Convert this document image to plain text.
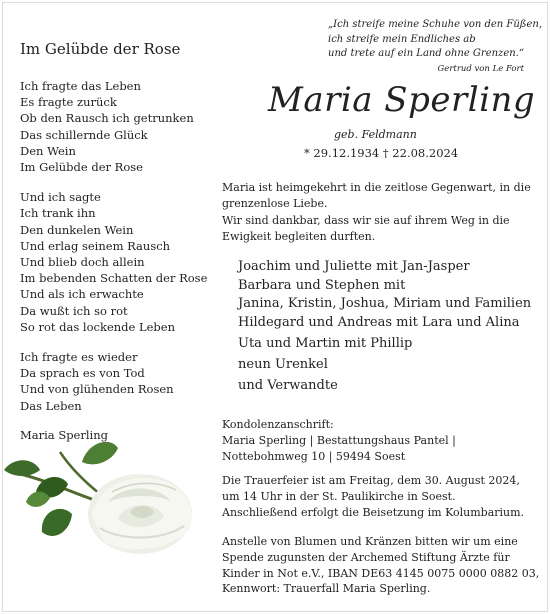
Im Gelübde der Rose
Ich fragte das Leben
Es fragte zurück
Ob den Rausch ich getrunken
Das schillernde Glück
Den Wein
Im Gelübde der Rose
Und ich sagte
Ich trank ihn
Den dunkelen Wein
Und erlag seinem Rausch
Und blieb doch allein
Im bebenden Schatten der Rose
Und als ich erwachte
Da wußt ich so rot
So rot das lockende Leben
Ich fragte es wieder
Da sprach es von Tod
Und von glühenden Rosen
Das Leben
Maria Sperling
„Ich streife meine Schuhe von den Füßen,
ich streife mein Endliches ab
und trete auf ein Land ohne Grenzen.“
Gertrud von Le Fort
Maria Sperling
geb. Feldmann
* 29.12.1934 † 22.08.2024
Maria ist heimgekehrt in die zeitlose Gegenwart, in die
grenzenlose Liebe.
Wir sind dankbar, dass wir sie auf ihrem Weg in die
Ewigkeit begleiten durften.
Joachim und Juliette mit Jan-Jasper
Barbara und Stephen mit
Janina, Kristin, Joshua, Miriam und Familien
Hildegard und Andreas mit Lara und Alina
Uta und Martin mit Phillip
neun Urenkel
und Verwandte
Kondolenzanschrift:
Maria Sperling | Bestattungshaus Pantel |
Nottebohmweg 10 | 59494 Soest
Die Trauerfeier ist am Freitag, dem 30. August 2024,
um 14 Uhr in der St. Paulikirche in Soest.
Anschließend erfolgt die Beisetzung im Kolumbarium.
Anstelle von Blumen und Kränzen bitten wir um eine
Spende zugunsten der Archemed Stiftung Ärzte für
Kinder in Not e.V., IBAN DE63 4145 0075 0000 0882 03,
Kennwort: Trauerfall Maria Sperling.
